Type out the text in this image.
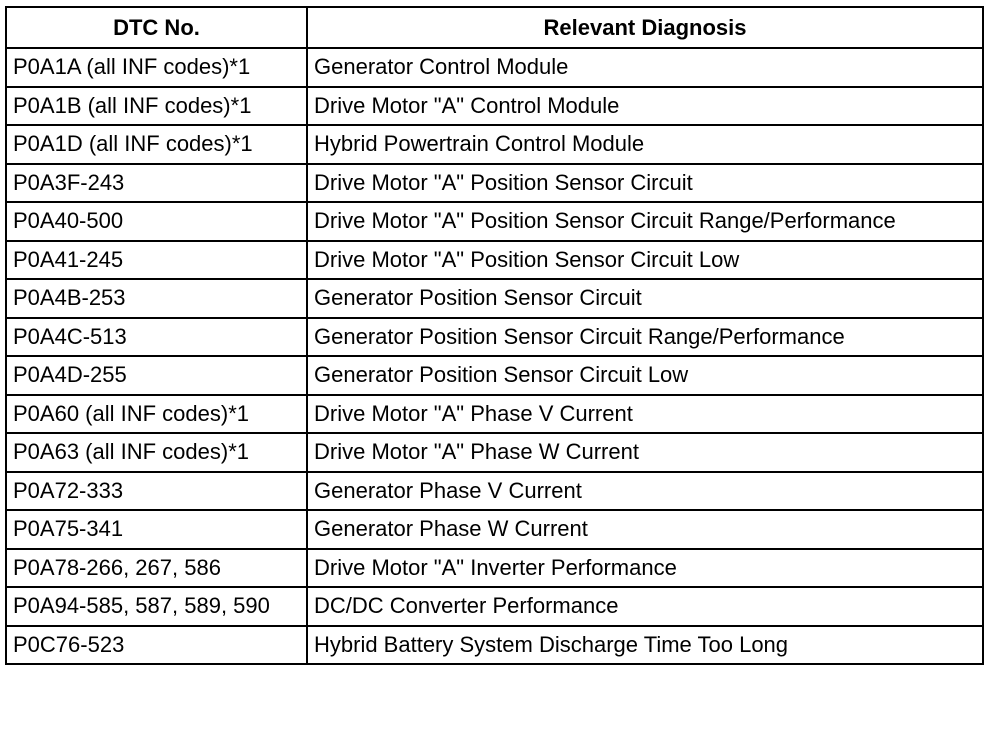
DTC No.	Relevant Diagnosis
P0A1A (all INF codes)*1	Generator Control Module
P0A1B (all INF codes)*1	Drive Motor "A" Control Module
P0A1D (all INF codes)*1	Hybrid Powertrain Control Module
P0A3F-243	Drive Motor "A" Position Sensor Circuit
P0A40-500	Drive Motor "A" Position Sensor Circuit Range/Performance
P0A41-245	Drive Motor "A" Position Sensor Circuit Low
P0A4B-253	Generator Position Sensor Circuit
P0A4C-513	Generator Position Sensor Circuit Range/Performance
P0A4D-255	Generator Position Sensor Circuit Low
P0A60 (all INF codes)*1	Drive Motor "A" Phase V Current
P0A63 (all INF codes)*1	Drive Motor "A" Phase W Current
P0A72-333	Generator Phase V Current
P0A75-341	Generator Phase W Current
P0A78-266, 267, 586	Drive Motor "A" Inverter Performance
P0A94-585, 587, 589, 590	DC/DC Converter Performance
P0C76-523	Hybrid Battery System Discharge Time Too Long
